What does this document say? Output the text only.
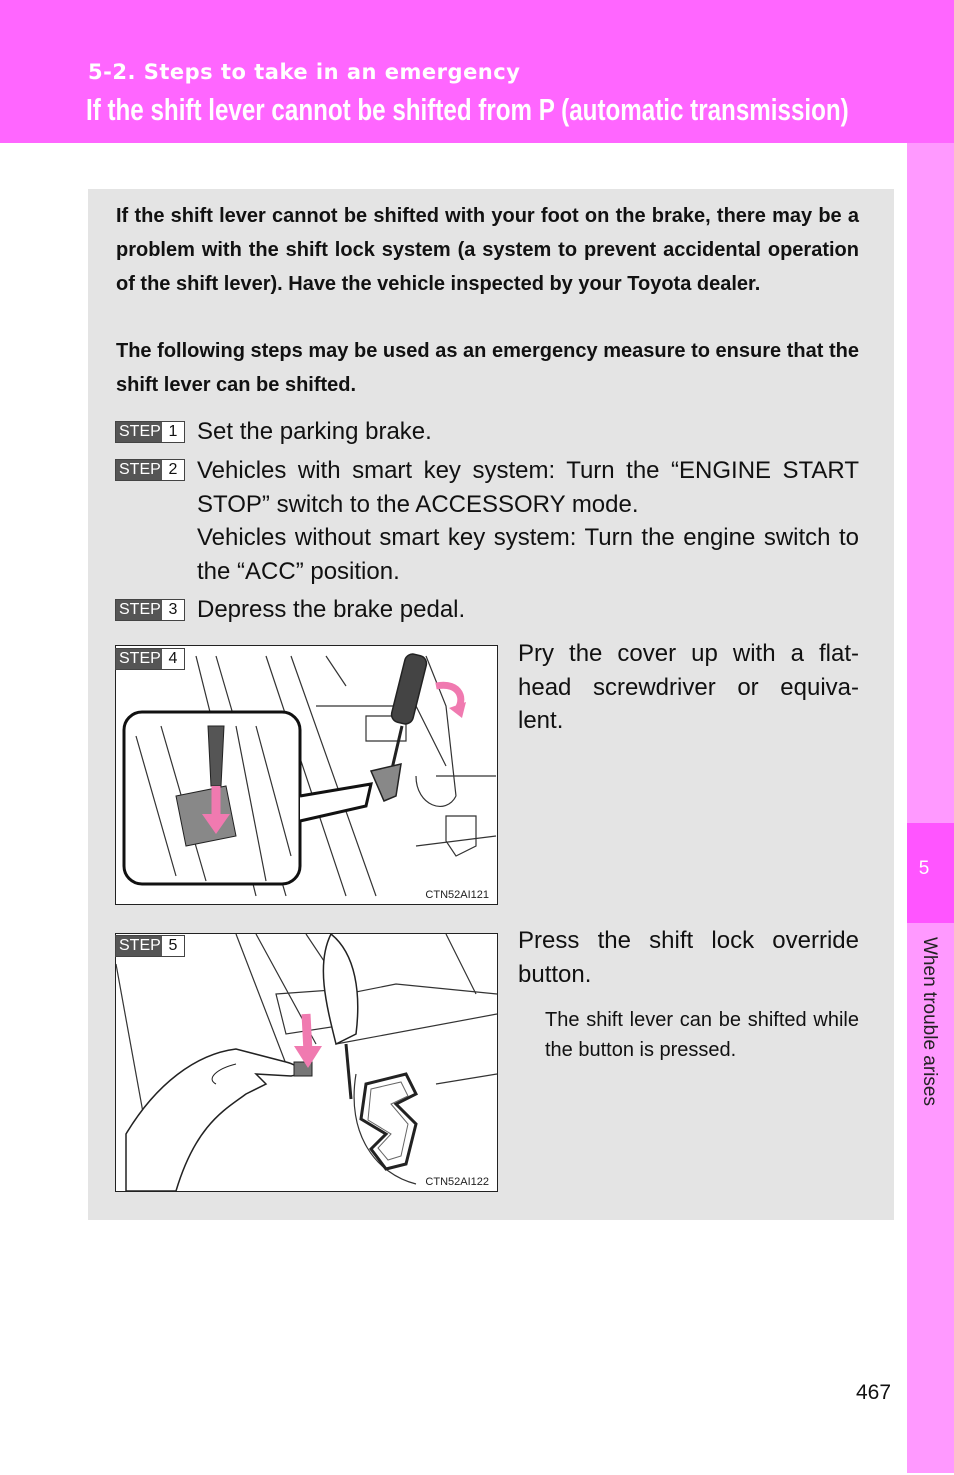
5-2. Steps to take in an emergency
If the shift lever cannot be shifted from P (automatic transmission)
5
When trouble arises
If the shift lever cannot be shifted with your foot on the brake, there may be a problem with the shift lock system (a system to prevent accidental operation of the shift lever). Have the vehicle inspected by your Toyota dealer.
The following steps may be used as an emergency measure to ensure that the shift lever can be shifted.
STEP 1 Set the parking brake.
STEP 2 Vehicles with smart key system: Turn the “ENGINE START STOP” switch to the ACCESSORY mode.
Vehicles without smart key system: Turn the engine switch to the “ACC” position.
STEP 3 Depress the brake pedal.
CTN52AI121
STEP 4	Pry the cover up with a flat-head screwdriver or equiva-lent.
CTN52AI122
STEP 5	Press the shift lock override button.
The shift lever can be shifted while the button is pressed.
467
